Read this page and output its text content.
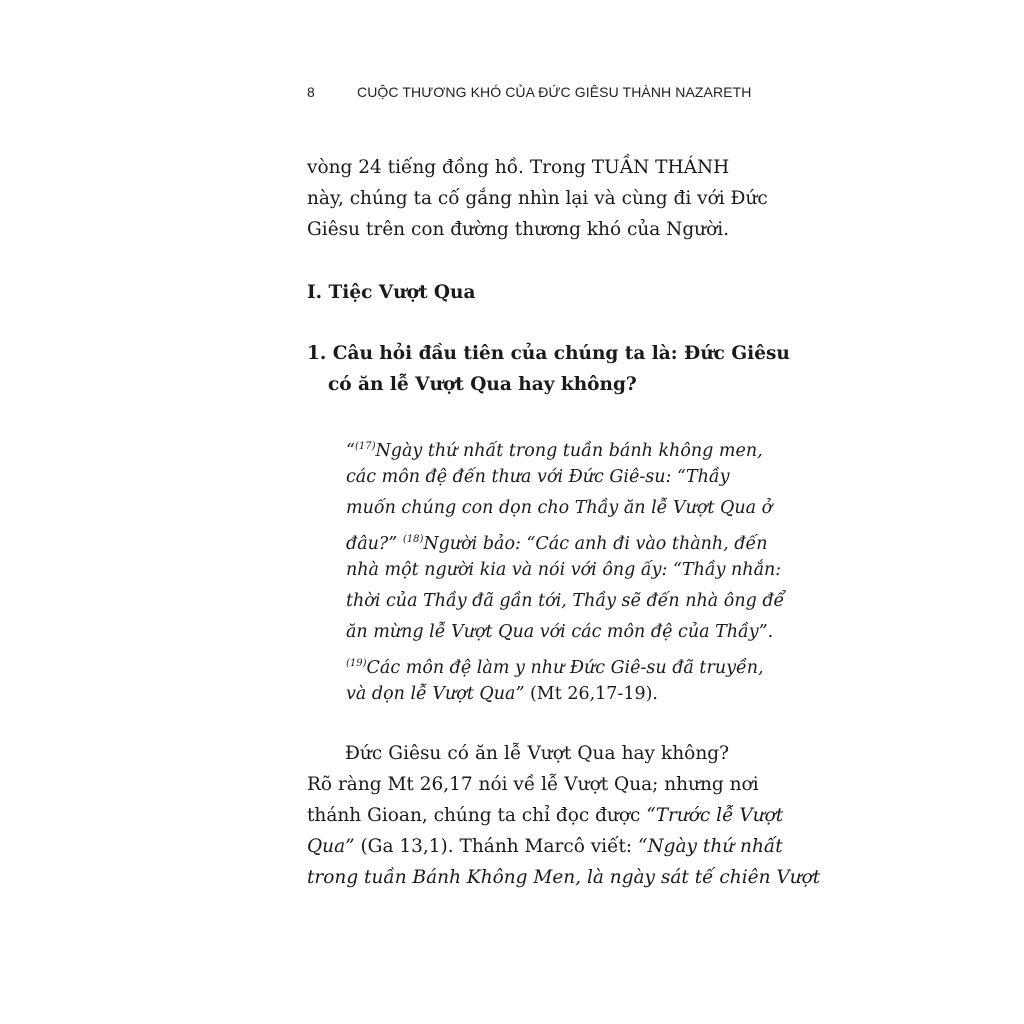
8	CUỘC THƯƠNG KHÓ CỦA ĐỨC GIÊSU THÀNH NAZARETH
vòng 24 tiếng đồng hồ. Trong TUẦN THÁNH
này, chúng ta cố gắng nhìn lại và cùng đi với Đức
Giêsu trên con đường thương khó của Người.
I. Tiệc Vượt Qua
1. Câu hỏi đầu tiên của chúng ta là: Đức Giêsu
có ăn lễ Vượt Qua hay không?
“$^{(17)}$Ngày thứ nhất trong tuần bánh không men,
các môn đệ đến thưa với Đức Giê-su: “Thầy
muốn chúng con dọn cho Thầy ăn lễ Vượt Qua ở
đâu?” $^{(18)}$Người bảo: “Các anh đi vào thành, đến
nhà một người kia và nói với ông ấy: “Thầy nhắn:
thời của Thầy đã gần tới, Thầy sẽ đến nhà ông để
ăn mừng lễ Vượt Qua với các môn đệ của Thầy”.
$^{(19)}$Các môn đệ làm y như Đức Giê-su đã truyền,
và dọn lễ Vượt Qua” (Mt 26,17-19).
Đức Giêsu có ăn lễ Vượt Qua hay không?
Rõ ràng Mt 26,17 nói về lễ Vượt Qua; nhưng nơi
thánh Gioan, chúng ta chỉ đọc được “Trước lễ Vượt
Qua” (Ga 13,1). Thánh Marcô viết: “Ngày thứ nhất
trong tuần Bánh Không Men, là ngày sát tế chiên Vượt
